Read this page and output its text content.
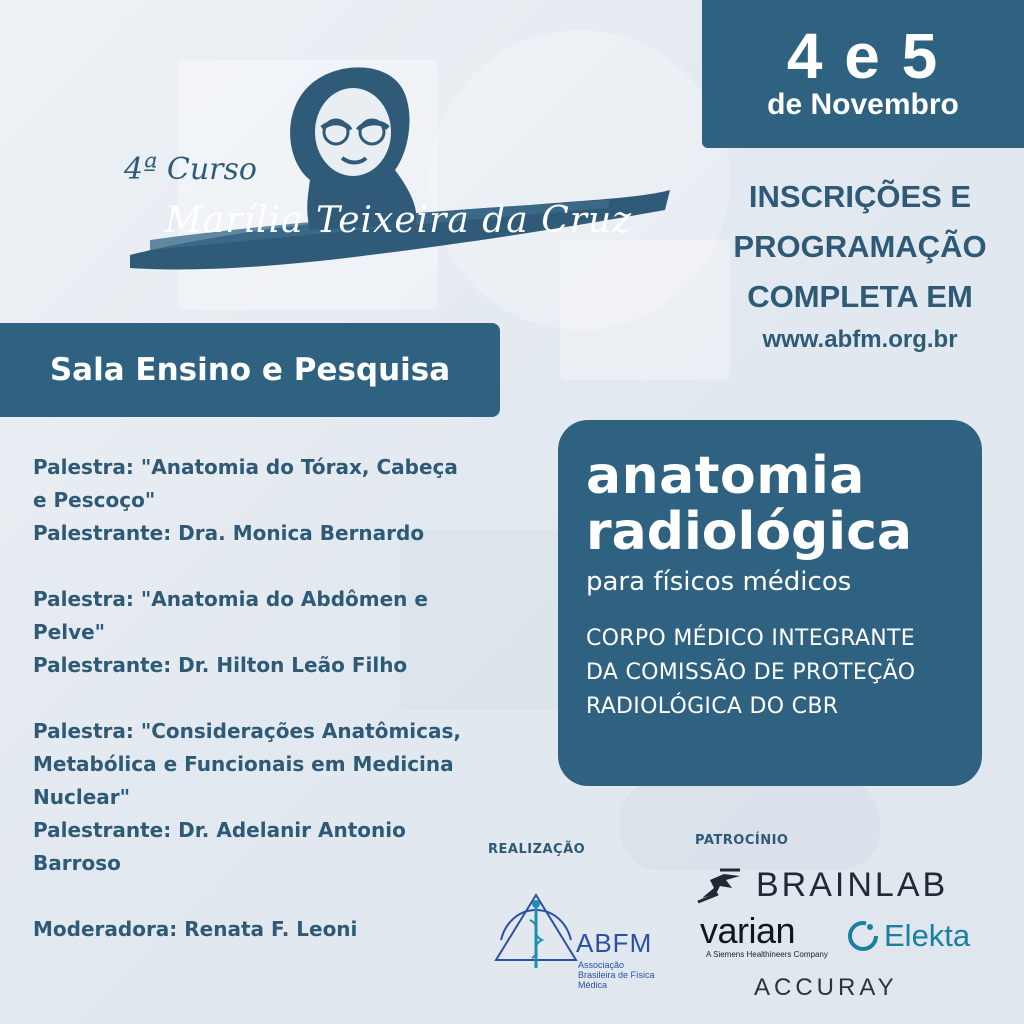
4ª Curso
Marília Teixeira da Cruz
4 e 5
de Novembro
INSCRIÇÕES E
PROGRAMAÇÃO
COMPLETA EM
www.abfm.org.br
Sala Ensino e Pesquisa
Palestra: "Anatomia do Tórax, Cabeça
e Pescoço"
Palestrante: Dra. Monica Bernardo
Palestra: "Anatomia do Abdômen e
Pelve"
Palestrante: Dr. Hilton Leão Filho
Palestra: "Considerações Anatômicas,
Metabólica e Funcionais em Medicina
Nuclear"
Palestrante: Dr. Adelanir Antonio
Barroso
Moderadora: Renata F. Leoni
anatomia
radiológica
para físicos médicos
CORPO MÉDICO INTEGRANTE
DA COMISSÃO DE PROTEÇÃO
RADIOLÓGICA DO CBR
REALIZAÇÃO
PATROCÍNIO
ABFM
Associação Brasileira de Física Médica
BRAINLAB
varian
A Siemens Healthineers Company
Elekta
ACCURAY
